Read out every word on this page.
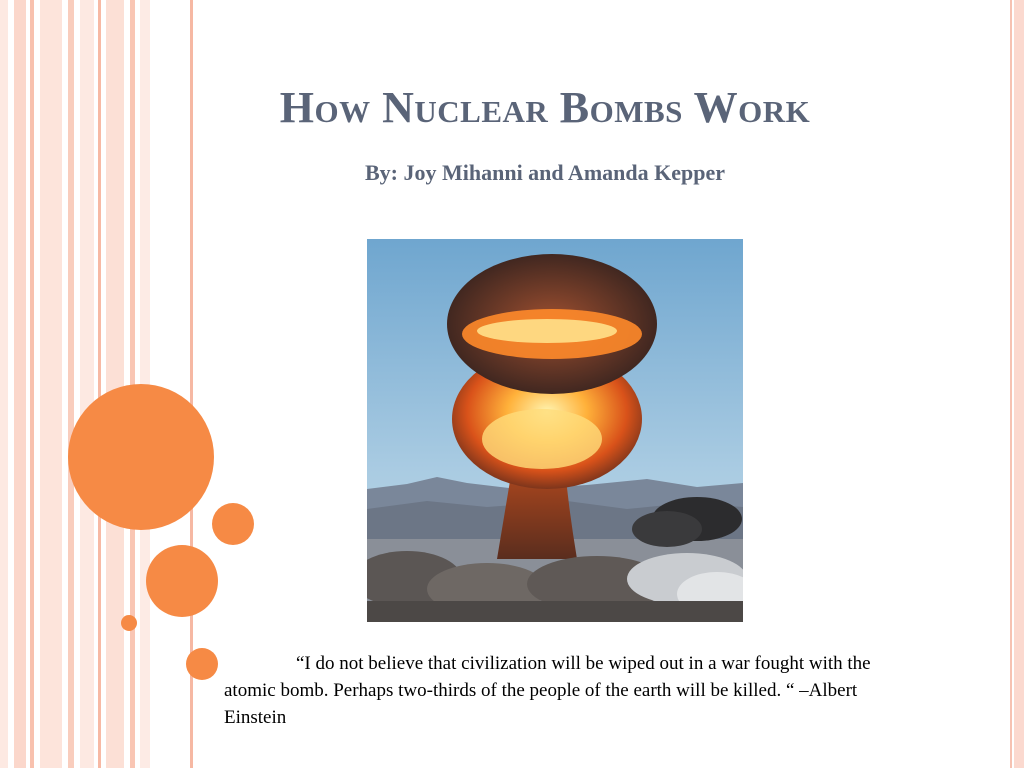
How Nuclear Bombs Work

By: Joy Mihanni and Amanda Kepper

“I do not believe that civilization will be wiped out in a war fought with the atomic bomb. Perhaps two-thirds of the people of the earth will be killed. “ –Albert Einstein
